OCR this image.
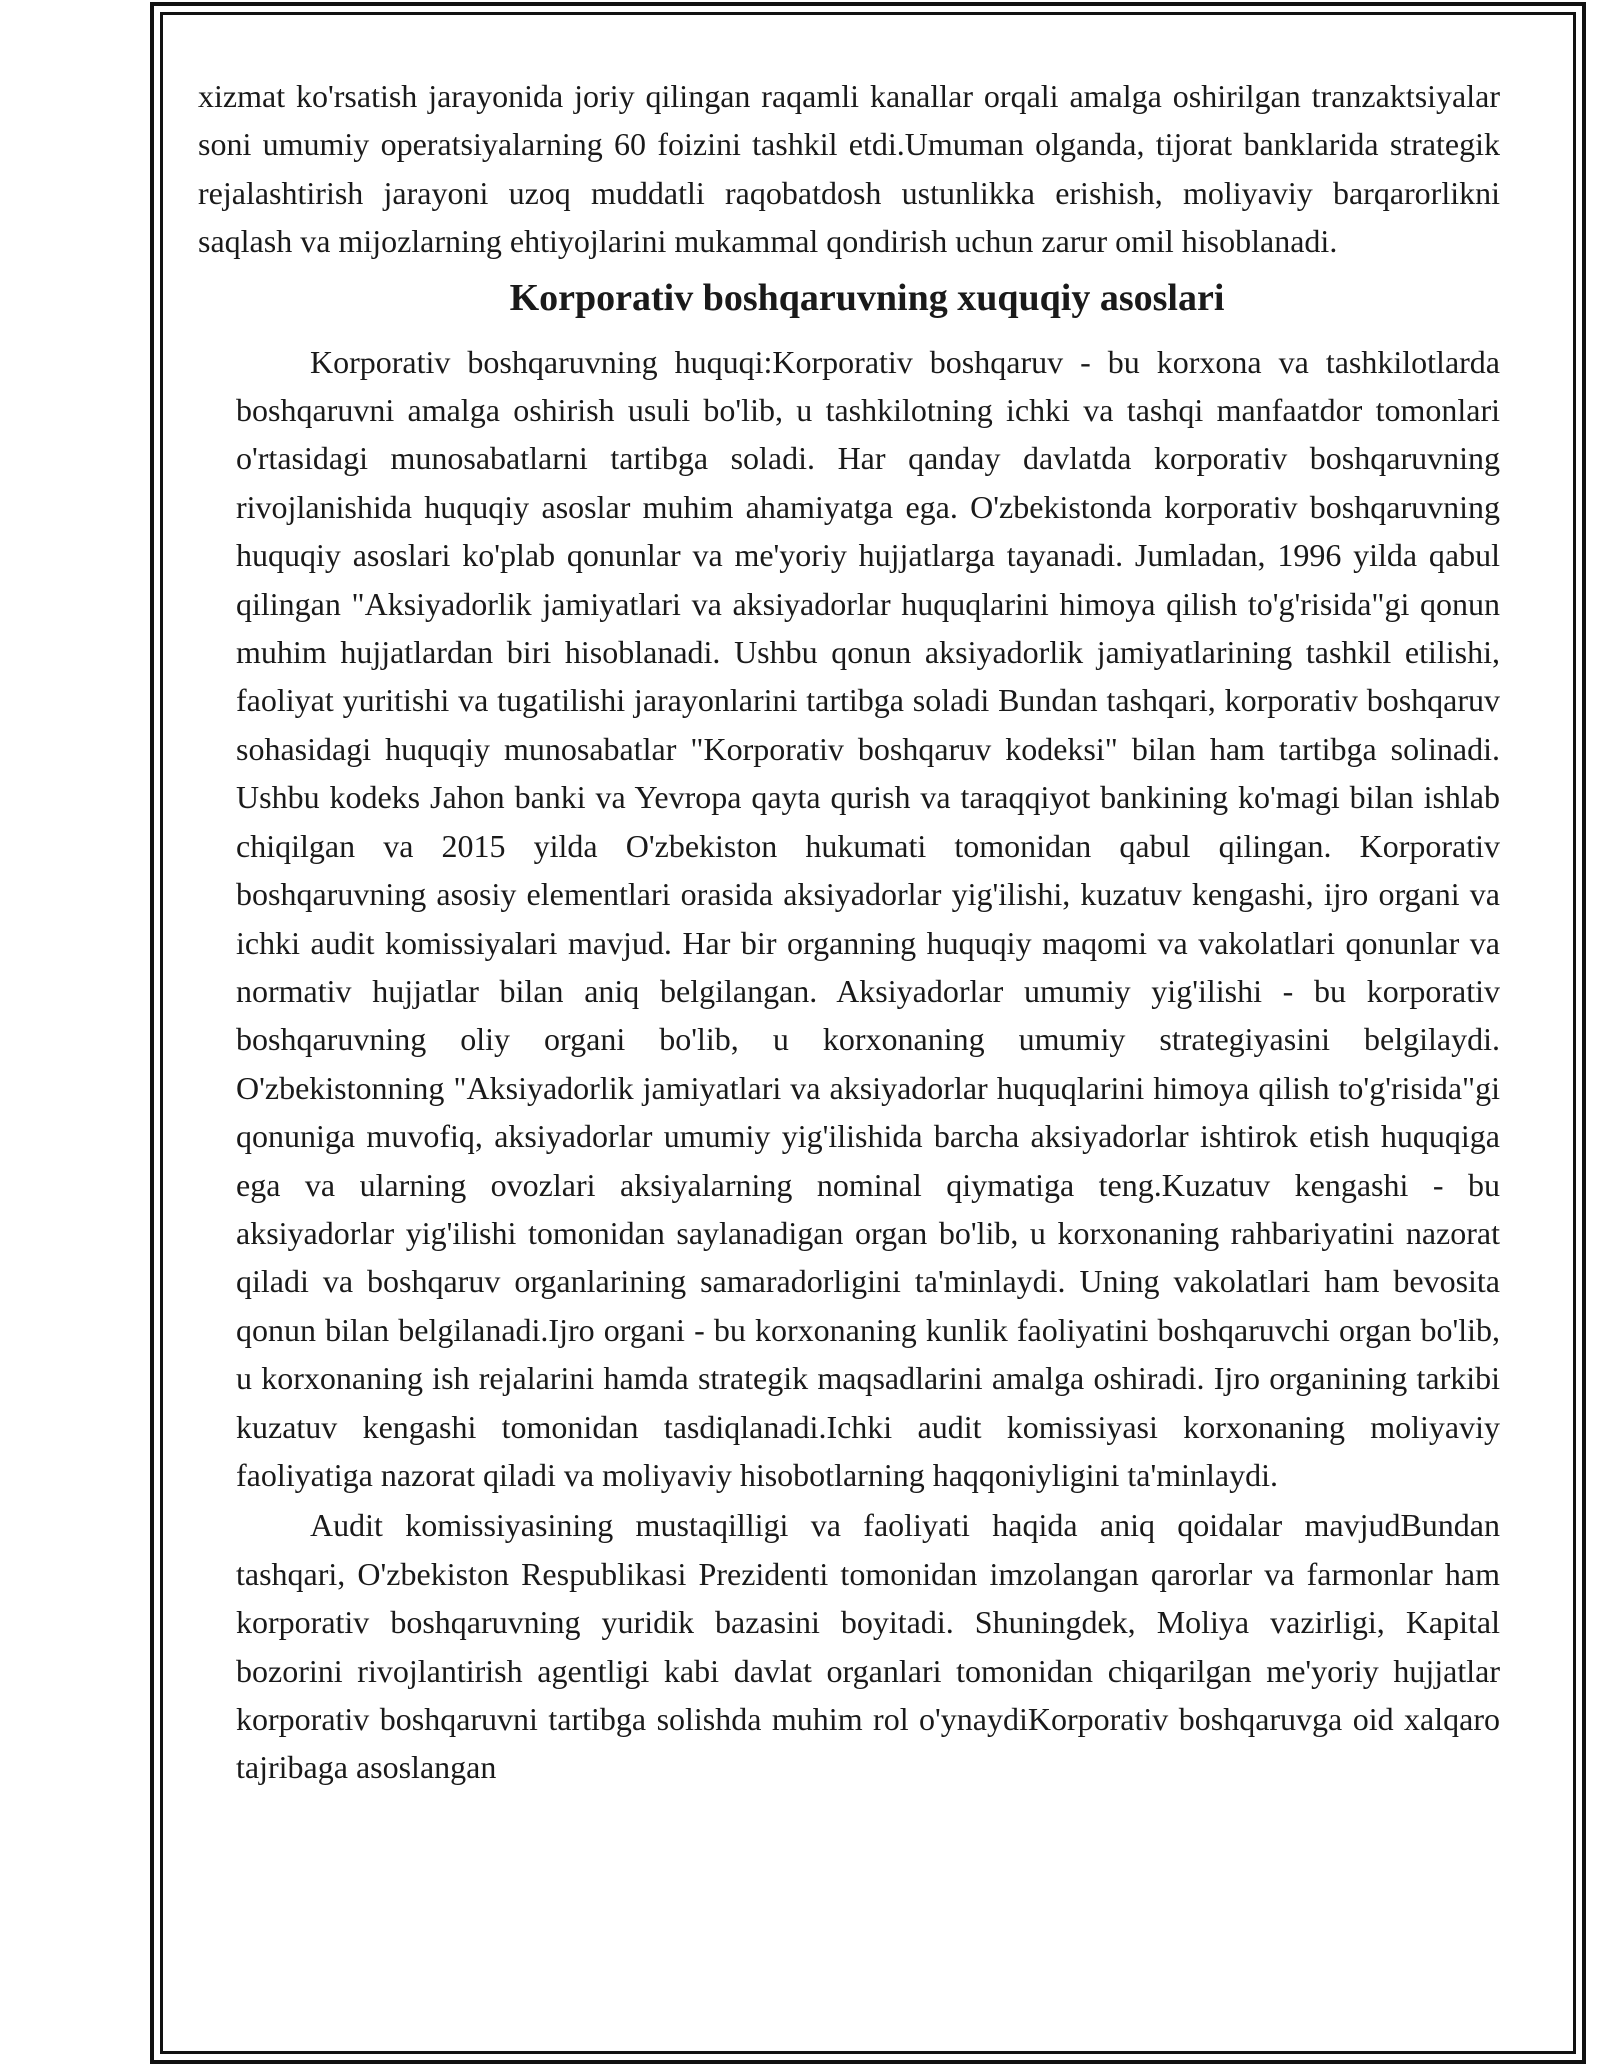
xizmat ko'rsatish jarayonida joriy qilingan raqamli kanallar orqali amalga oshirilgan tranzaktsiyalar soni umumiy operatsiyalarning 60 foizini tashkil etdi.Umuman olganda, tijorat banklarida strategik rejalashtirish jarayoni uzoq muddatli raqobatdosh ustunlikka erishish, moliyaviy barqarorlikni saqlash va mijozlarning ehtiyojlarini mukammal qondirish uchun zarur omil hisoblanadi.

Korporativ boshqaruvning xuquqiy asoslari

Korporativ boshqaruvning huquqi:Korporativ boshqaruv - bu korxona va tashkilotlarda boshqaruvni amalga oshirish usuli bo'lib, u tashkilotning ichki va tashqi manfaatdor tomonlari o'rtasidagi munosabatlarni tartibga soladi. Har qanday davlatda korporativ boshqaruvning rivojlanishida huquqiy asoslar muhim ahamiyatga ega. O'zbekistonda korporativ boshqaruvning huquqiy asoslari ko'plab qonunlar va me'yoriy hujjatlarga tayanadi. Jumladan, 1996 yilda qabul qilingan "Aksiyadorlik jamiyatlari va aksiyadorlar huquqlarini himoya qilish to'g'risida"gi qonun muhim hujjatlardan biri hisoblanadi. Ushbu qonun aksiyadorlik jamiyatlarining tashkil etilishi, faoliyat yuritishi va tugatilishi jarayonlarini tartibga soladi Bundan tashqari, korporativ boshqaruv sohasidagi huquqiy munosabatlar "Korporativ boshqaruv kodeksi" bilan ham tartibga solinadi. Ushbu kodeks Jahon banki va Yevropa qayta qurish va taraqqiyot bankining ko'magi bilan ishlab chiqilgan va 2015 yilda O'zbekiston hukumati tomonidan qabul qilingan. Korporativ boshqaruvning asosiy elementlari orasida aksiyadorlar yig'ilishi, kuzatuv kengashi, ijro organi va ichki audit komissiyalari mavjud. Har bir organning huquqiy maqomi va vakolatlari qonunlar va normativ hujjatlar bilan aniq belgilangan. Aksiyadorlar umumiy yig'ilishi - bu korporativ boshqaruvning oliy organi bo'lib, u korxonaning umumiy strategiyasini belgilaydi. O'zbekistonning "Aksiyadorlik jamiyatlari va aksiyadorlar huquqlarini himoya qilish to'g'risida"gi qonuniga muvofiq, aksiyadorlar umumiy yig'ilishida barcha aksiyadorlar ishtirok etish huquqiga ega va ularning ovozlari aksiyalarning nominal qiymatiga teng.Kuzatuv kengashi - bu aksiyadorlar yig'ilishi tomonidan saylanadigan organ bo'lib, u korxonaning rahbariyatini nazorat qiladi va boshqaruv organlarining samaradorligini ta'minlaydi. Uning vakolatlari ham bevosita qonun bilan belgilanadi.Ijro organi - bu korxonaning kunlik faoliyatini boshqaruvchi organ bo'lib, u korxonaning ish rejalarini hamda strategik maqsadlarini amalga oshiradi. Ijro organining tarkibi kuzatuv kengashi tomonidan tasdiqlanadi.Ichki audit komissiyasi korxonaning moliyaviy faoliyatiga nazorat qiladi va moliyaviy hisobotlarning haqqoniyligini ta'minlaydi.

Audit komissiyasining mustaqilligi va faoliyati haqida aniq qoidalar mavjudBundan tashqari, O'zbekiston Respublikasi Prezidenti tomonidan imzolangan qarorlar va farmonlar ham korporativ boshqaruvning yuridik bazasini boyitadi. Shuningdek, Moliya vazirligi, Kapital bozorini rivojlantirish agentligi kabi davlat organlari tomonidan chiqarilgan me'yoriy hujjatlar korporativ boshqaruvni tartibga solishda muhim rol o'ynaydiKorporativ boshqaruvga oid xalqaro tajribaga asoslangan
